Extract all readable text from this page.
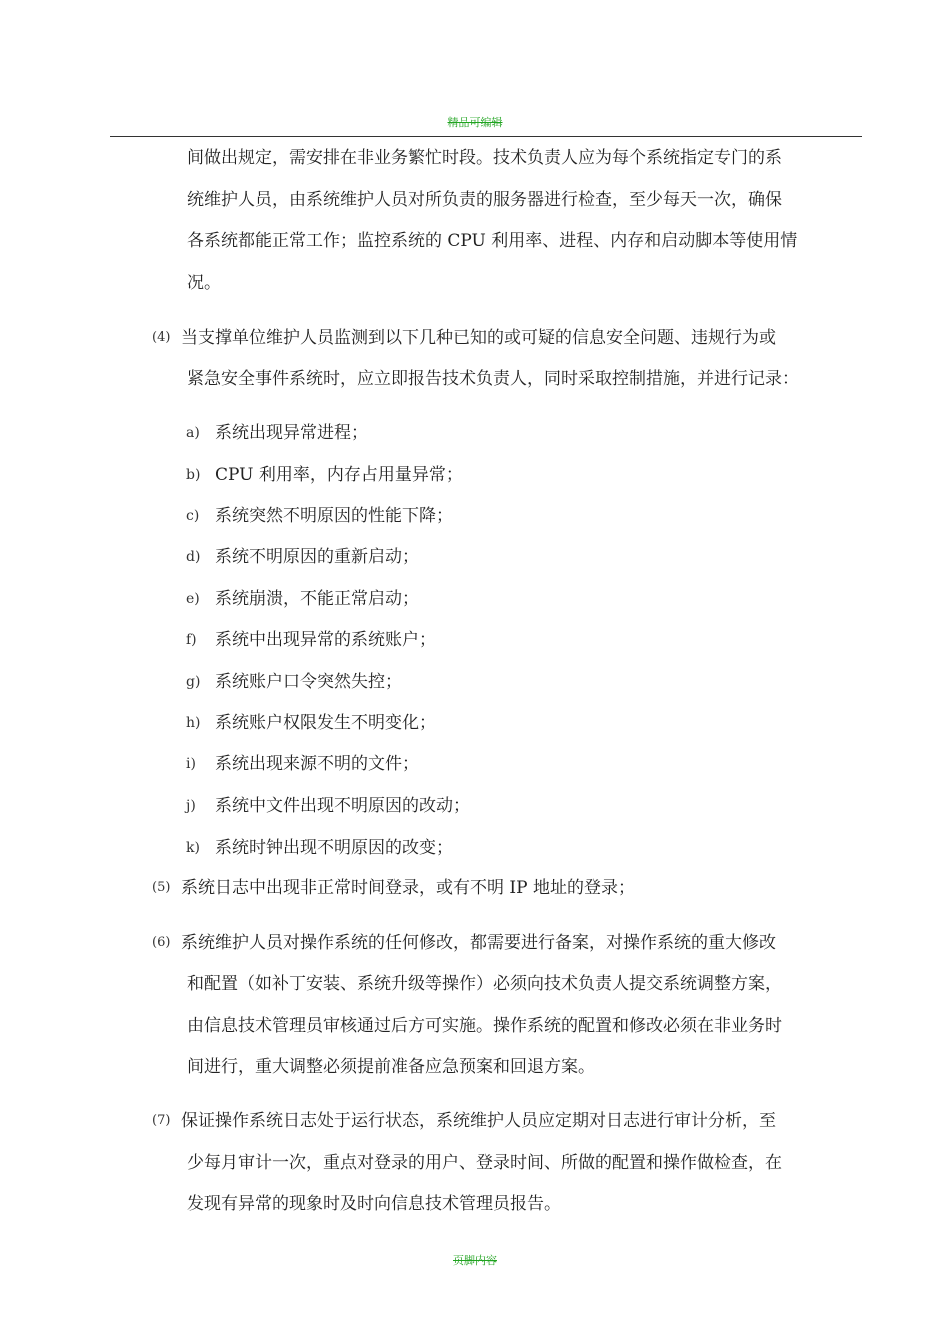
精品可编辑
间做出规定，需安排在非业务繁忙时段。技术负责人应为每个系统指定专门的系
统维护人员，由系统维护人员对所负责的服务器进行检查，至少每天一次，确保
各系统都能正常工作；监控系统的 CPU 利用率、进程、内存和启动脚本等使用情
况。
(4) 当支撑单位维护人员监测到以下几种已知的或可疑的信息安全问题、违规行为或
紧急安全事件系统时，应立即报告技术负责人，同时采取控制措施，并进行记录：
a) 系统出现异常进程；
b) CPU 利用率，内存占用量异常；
c) 系统突然不明原因的性能下降；
d) 系统不明原因的重新启动；
e) 系统崩溃，不能正常启动；
f) 系统中出现异常的系统账户；
g) 系统账户口令突然失控；
h) 系统账户权限发生不明变化；
i) 系统出现来源不明的文件；
j) 系统中文件出现不明原因的改动；
k) 系统时钟出现不明原因的改变；
(5) 系统日志中出现非正常时间登录，或有不明 IP 地址的登录；
(6) 系统维护人员对操作系统的任何修改，都需要进行备案，对操作系统的重大修改
和配置（如补丁安装、系统升级等操作）必须向技术负责人提交系统调整方案，
由信息技术管理员审核通过后方可实施。操作系统的配置和修改必须在非业务时
间进行，重大调整必须提前准备应急预案和回退方案。
(7) 保证操作系统日志处于运行状态，系统维护人员应定期对日志进行审计分析，至
少每月审计一次，重点对登录的用户、登录时间、所做的配置和操作做检查，在
发现有异常的现象时及时向信息技术管理员报告。
页脚内容
